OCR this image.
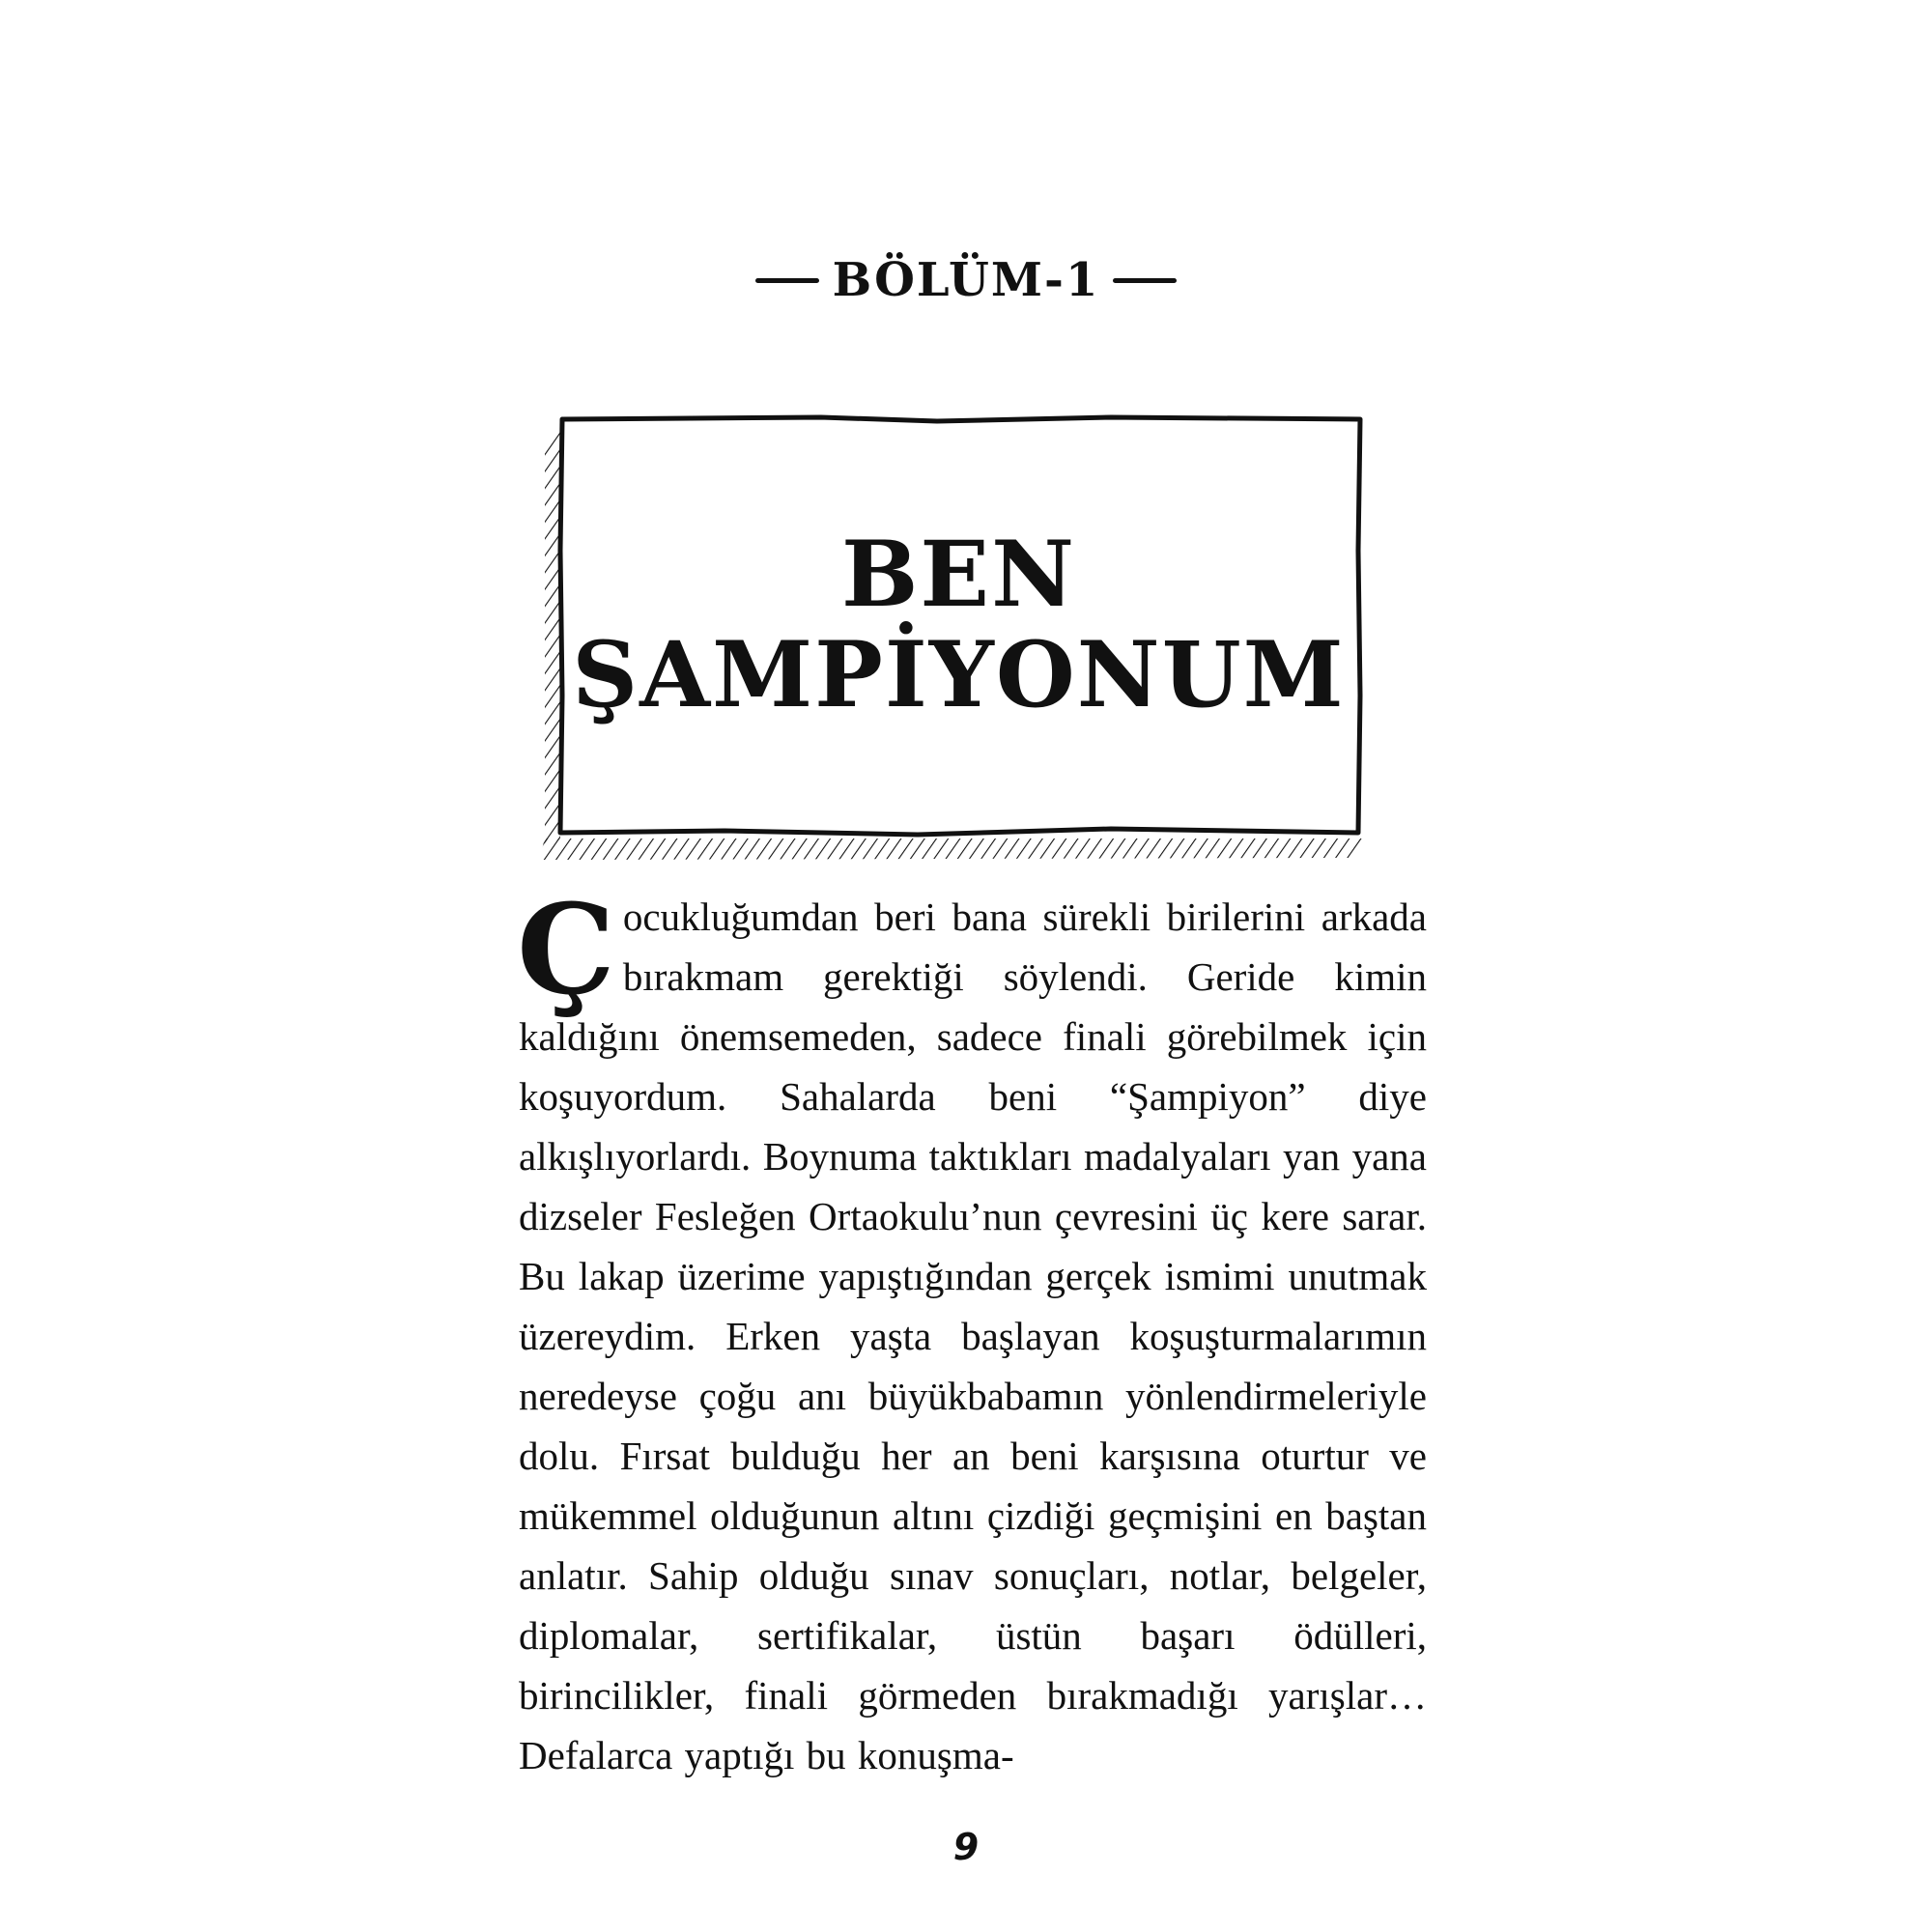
BÖLÜM-1
BEN
ŞAMPİYONUM
Ç ocukluğumdan beri bana sürekli birilerini arkada bırakmam gerektiği söylendi. Geride kimin kaldığını önemsemeden, sadece finali görebilmek için koşuyordum. Sahalarda beni “Şampiyon” diye alkışlıyorlardı. Boynuma taktıkları madalyaları yan yana dizseler Fesleğen Ortaokulu’nun çevresini üç kere sarar. Bu lakap üzerime yapıştığından gerçek ismimi unutmak üzereydim. Erken yaşta başlayan koşuşturmalarımın neredeyse çoğu anı büyükbabamın yönlendirmeleriyle dolu. Fırsat bulduğu her an beni karşısına oturtur ve mükemmel olduğunun altını çizdiği geçmişini en baştan anlatır. Sahip olduğu sınav sonuçları, notlar, belgeler, diplomalar, sertifikalar, üstün başarı ödülleri, birincilikler, finali görmeden bırakmadığı yarışlar… Defalarca yaptığı bu konuşma-

9
